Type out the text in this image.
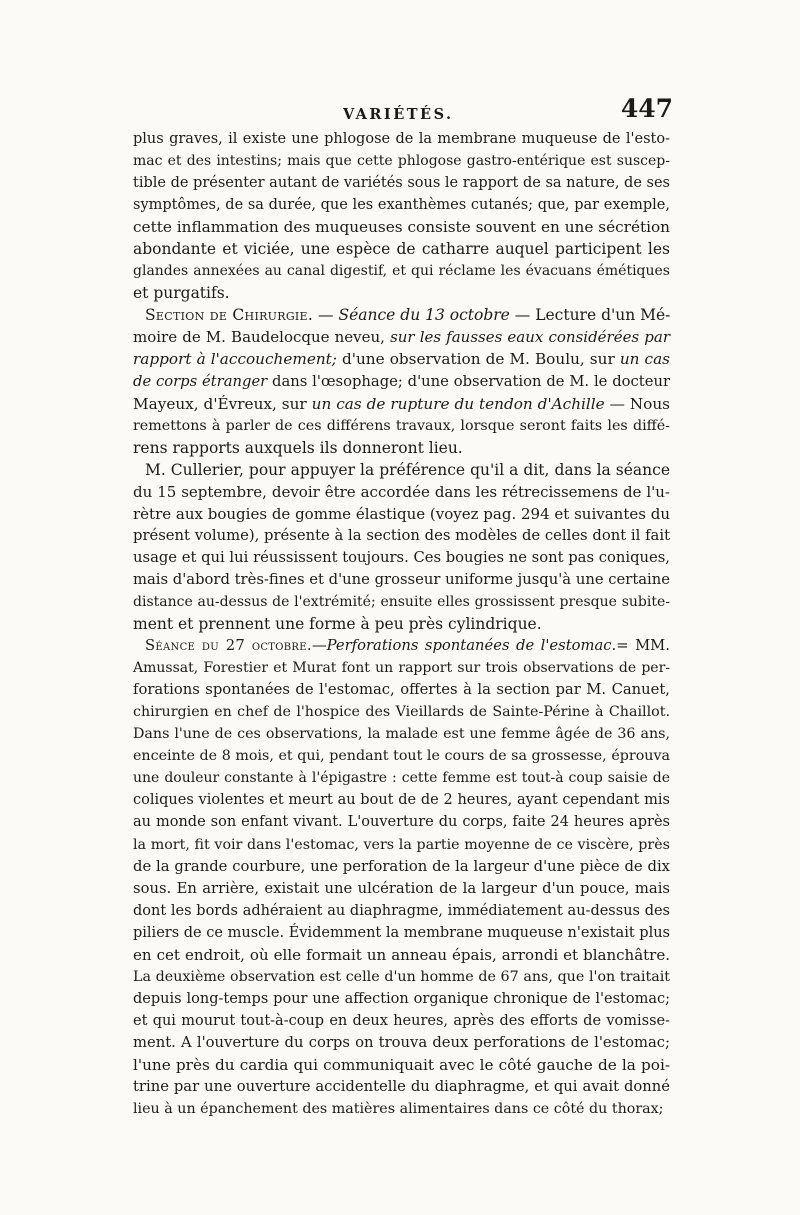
VARIÉTÉS.	447
plus graves, il existe une phlogose de la membrane muqueuse de l'esto-
mac et des intestins; mais que cette phlogose gastro-entérique est suscep-
tible de présenter autant de variétés sous le rapport de sa nature, de ses
symptômes, de sa durée, que les exanthèmes cutanés; que, par exemple,
cette inflammation des muqueuses consiste souvent en une sécrétion
abondante et viciée, une espèce de catharre auquel participent les
glandes annexées au canal digestif, et qui réclame les évacuans émétiques
et purgatifs.
Section de Chirurgie. — Séance du 13 octobre — Lecture d'un Mé-
moire de M. Baudelocque neveu, sur les fausses eaux considérées par
rapport à l'accouchement; d'une observation de M. Boulu, sur un cas
de corps étranger dans l'œsophage; d'une observation de M. le docteur
Mayeux, d'Évreux, sur un cas de rupture du tendon d'Achille — Nous
remettons à parler de ces différens travaux, lorsque seront faits les diffé-
rens rapports auxquels ils donneront lieu.
M. Cullerier, pour appuyer la préférence qu'il a dit, dans la séance
du 15 septembre, devoir être accordée dans les rétrecissemens de l'u-
rètre aux bougies de gomme élastique (voyez pag. 294 et suivantes du
présent volume), présente à la section des modèles de celles dont il fait
usage et qui lui réussissent toujours. Ces bougies ne sont pas coniques,
mais d'abord très-fines et d'une grosseur uniforme jusqu'à une certaine
distance au-dessus de l'extrémité; ensuite elles grossissent presque subite-
ment et prennent une forme à peu près cylindrique.
Séance du 27 octobre.—Perforations spontanées de l'estomac.= MM.
Amussat, Forestier et Murat font un rapport sur trois observations de per-
forations spontanées de l'estomac, offertes à la section par M. Canuet,
chirurgien en chef de l'hospice des Vieillards de Sainte-Périne à Chaillot.
Dans l'une de ces observations, la malade est une femme âgée de 36 ans,
enceinte de 8 mois, et qui, pendant tout le cours de sa grossesse, éprouva
une douleur constante à l'épigastre : cette femme est tout-à coup saisie de
coliques violentes et meurt au bout de de 2 heures, ayant cependant mis
au monde son enfant vivant. L'ouverture du corps, faite 24 heures après
la mort, fit voir dans l'estomac, vers la partie moyenne de ce viscère, près
de la grande courbure, une perforation de la largeur d'une pièce de dix
sous. En arrière, existait une ulcération de la largeur d'un pouce, mais
dont les bords adhéraient au diaphragme, immédiatement au-dessus des
piliers de ce muscle. Évidemment la membrane muqueuse n'existait plus
en cet endroit, où elle formait un anneau épais, arrondi et blanchâtre.
La deuxième observation est celle d'un homme de 67 ans, que l'on traitait
depuis long-temps pour une affection organique chronique de l'estomac;
et qui mourut tout-à-coup en deux heures, après des efforts de vomisse-
ment. A l'ouverture du corps on trouva deux perforations de l'estomac;
l'une près du cardia qui communiquait avec le côté gauche de la poi-
trine par une ouverture accidentelle du diaphragme, et qui avait donné
lieu à un épanchement des matières alimentaires dans ce côté du thorax;
